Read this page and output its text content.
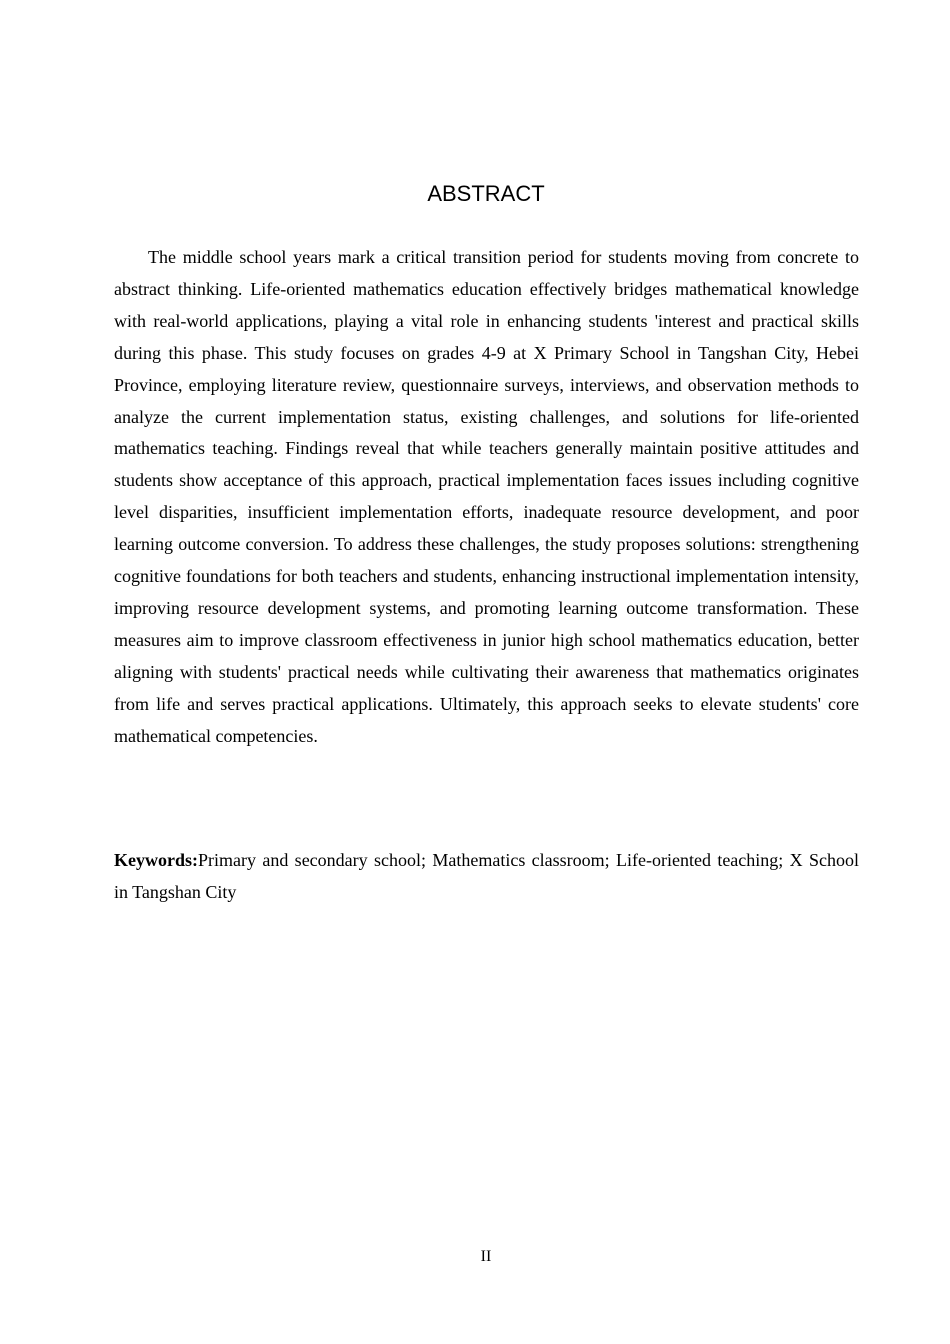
ABSTRACT

The middle school years mark a critical transition period for students moving from concrete to abstract thinking. Life-oriented mathematics education effectively bridges mathematical knowledge with real-world applications, playing a vital role in enhancing students 'interest and practical skills during this phase. This study focuses on grades 4-9 at X Primary School in Tangshan City, Hebei Province, employing literature review, questionnaire surveys, interviews, and observation methods to analyze the current implementation status, existing challenges, and solutions for life-oriented mathematics teaching. Findings reveal that while teachers generally maintain positive attitudes and students show acceptance of this approach, practical implementation faces issues including cognitive level disparities, insufficient implementation efforts, inadequate resource development, and poor learning outcome conversion. To address these challenges, the study proposes solutions: strengthening cognitive foundations for both teachers and students, enhancing instructional implementation intensity, improving resource development systems, and promoting learning outcome transformation. These measures aim to improve classroom effectiveness in junior high school mathematics education, better aligning with students' practical needs while cultivating their awareness that mathematics originates from life and serves practical applications. Ultimately, this approach seeks to elevate students' core mathematical competencies.

Keywords:Primary and secondary school; Mathematics classroom; Life-oriented teaching; X School in Tangshan City

II
